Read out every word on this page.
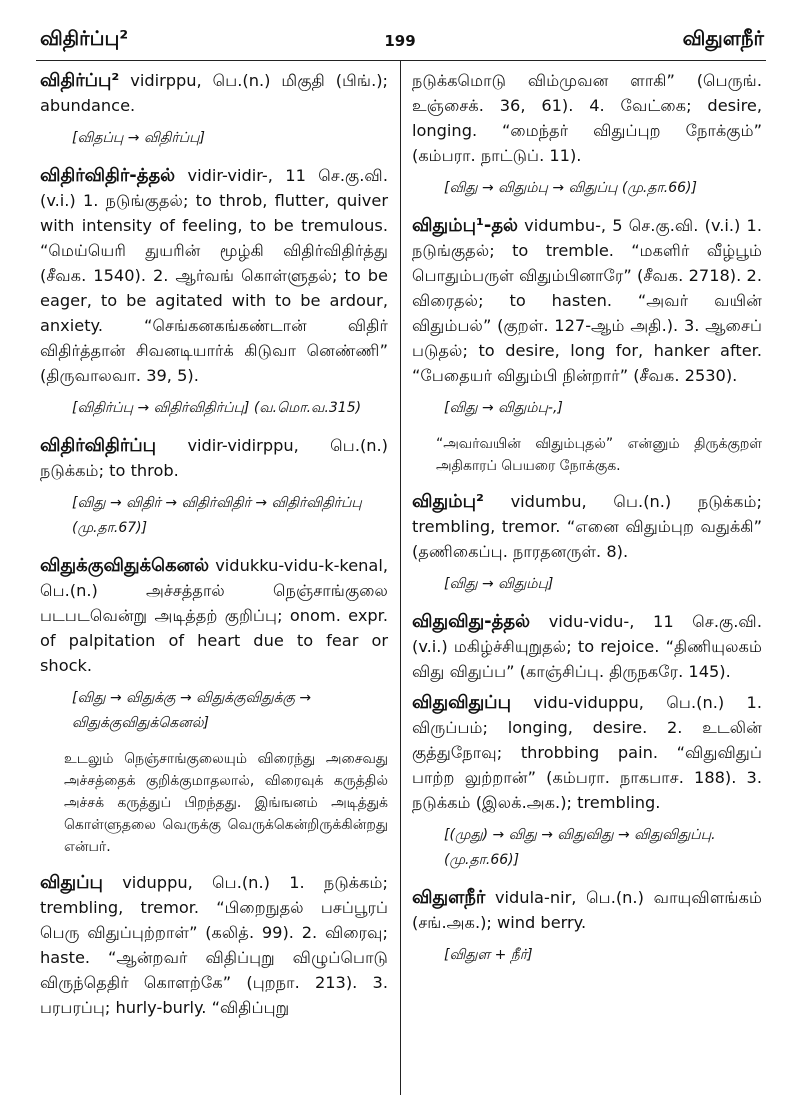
விதிர்ப்பு²	199	விதுளநீர்
விதிர்ப்பு² vidirppu, பெ.(n.) மிகுதி (பிங்.); abundance.
[விதப்பு → விதிர்ப்பு]
விதிர்விதிர்-த்தல் vidir-vidir-, 11 செ.கு.வி. (v.i.) 1. நடுங்குதல்; to throb, flutter, quiver with intensity of feeling, to be tremulous. “மெய்யெரி துயரின் மூழ்கி விதிர்விதிர்த்து (சீவக. 1540). 2. ஆர்வங் கொள்ளுதல்; to be eager, to be agitated with to be ardour, anxiety. “செங்கனகங்கண்டான் விதிர் விதிர்த்தான் சிவனடியார்க் கிடுவா னெண்ணி” (திருவாலவா. 39, 5).
[விதிர்ப்பு → விதிர்விதிர்ப்பு] (வ.மொ.வ.315)
விதிர்விதிர்ப்பு vidir-vidirppu, பெ.(n.) நடுக்கம்; to throb.
[விது → விதிர் → விதிர்விதிர் → விதிர்விதிர்ப்பு (மு.தா.67)]
விதுக்குவிதுக்கெனல் vidukku-vidu-k-kenal, பெ.(n.) அச்சத்தால் நெஞ்சாங்குலை படபடவென்று அடித்தற் குறிப்பு; onom. expr. of palpitation of heart due to fear or shock.
[விது → விதுக்கு → விதுக்குவிதுக்கு → விதுக்குவிதுக்கெனல்]
உடலும் நெஞ்சாங்குலையும் விரைந்து அசைவது அச்சத்தைக் குறிக்குமாதலால், விரைவுக் கருத்தில் அச்சக் கருத்துப் பிறந்தது. இங்ஙனம் அடித்துக் கொள்ளுதலை வெருக்கு வெருக்கென்றிருக்கின்றது என்பர்.
விதுப்பு viduppu, பெ.(n.) 1. நடுக்கம்; trembling, tremor. “பிறைநுதல் பசப்பூரப் பெரு விதுப்புற்றாள்” (கலித். 99). 2. விரைவு; haste. “ஆன்றவர் விதிப்புறு விழுப்பொடு விருந்தெதிர் கொளற்கே” (புறநா. 213). 3. பரபரப்பு; hurly-burly. “விதிப்புறு
நடுக்கமொடு விம்முவன ளாகி” (பெருங். உஞ்சைக். 36, 61). 4. வேட்கை; desire, longing. “மைந்தர் விதுப்புற நோக்கும்” (கம்பரா. நாட்டுப். 11).
[விது → விதும்பு → விதுப்பு (மு.தா.66)]
விதும்பு¹-தல் vidumbu-, 5 செ.கு.வி. (v.i.) 1. நடுங்குதல்; to tremble. “மகளிர் வீழ்பூம் பொதும்பருள் விதும்பினாரே” (சீவக. 2718). 2. விரைதல்; to hasten. “அவர் வயின் விதும்பல்” (குறள். 127-ஆம் அதி.). 3. ஆசைப் படுதல்; to desire, long for, hanker after. “பேதையர் விதும்பி நின்றார்” (சீவக. 2530).
[விது → விதும்பு-,]
“அவர்வயின் விதும்புதல்” என்னும் திருக்குறள் அதிகாரப் பெயரை நோக்குக.
விதும்பு² vidumbu, பெ.(n.) நடுக்கம்; trembling, tremor. “எனை விதும்புற வதுக்கி” (தணிகைப்பு. நாரதனருள். 8).
[விது → விதும்பு]
விதுவிது-த்தல் vidu-vidu-, 11 செ.கு.வி. (v.i.) மகிழ்ச்சியுறுதல்; to rejoice. “திணியுலகம் விது விதுப்ப” (காஞ்சிப்பு. திருநகரே. 145).
விதுவிதுப்பு vidu-viduppu, பெ.(n.) 1. விருப்பம்; longing, desire. 2. உடலின் குத்துநோவு; throbbing pain. “விதுவிதுப் பாற்ற லுற்றான்” (கம்பரா. நாகபாச. 188). 3. நடுக்கம் (இலக்.அக.); trembling.
[(முது) → விது → விதுவிது → விதுவிதுப்பு. (மு.தா.66)]
விதுளநீர் vidula-nir, பெ.(n.) வாயுவிளங்கம் (சங்.அக.); wind berry.
[விதுள + நீர்]
